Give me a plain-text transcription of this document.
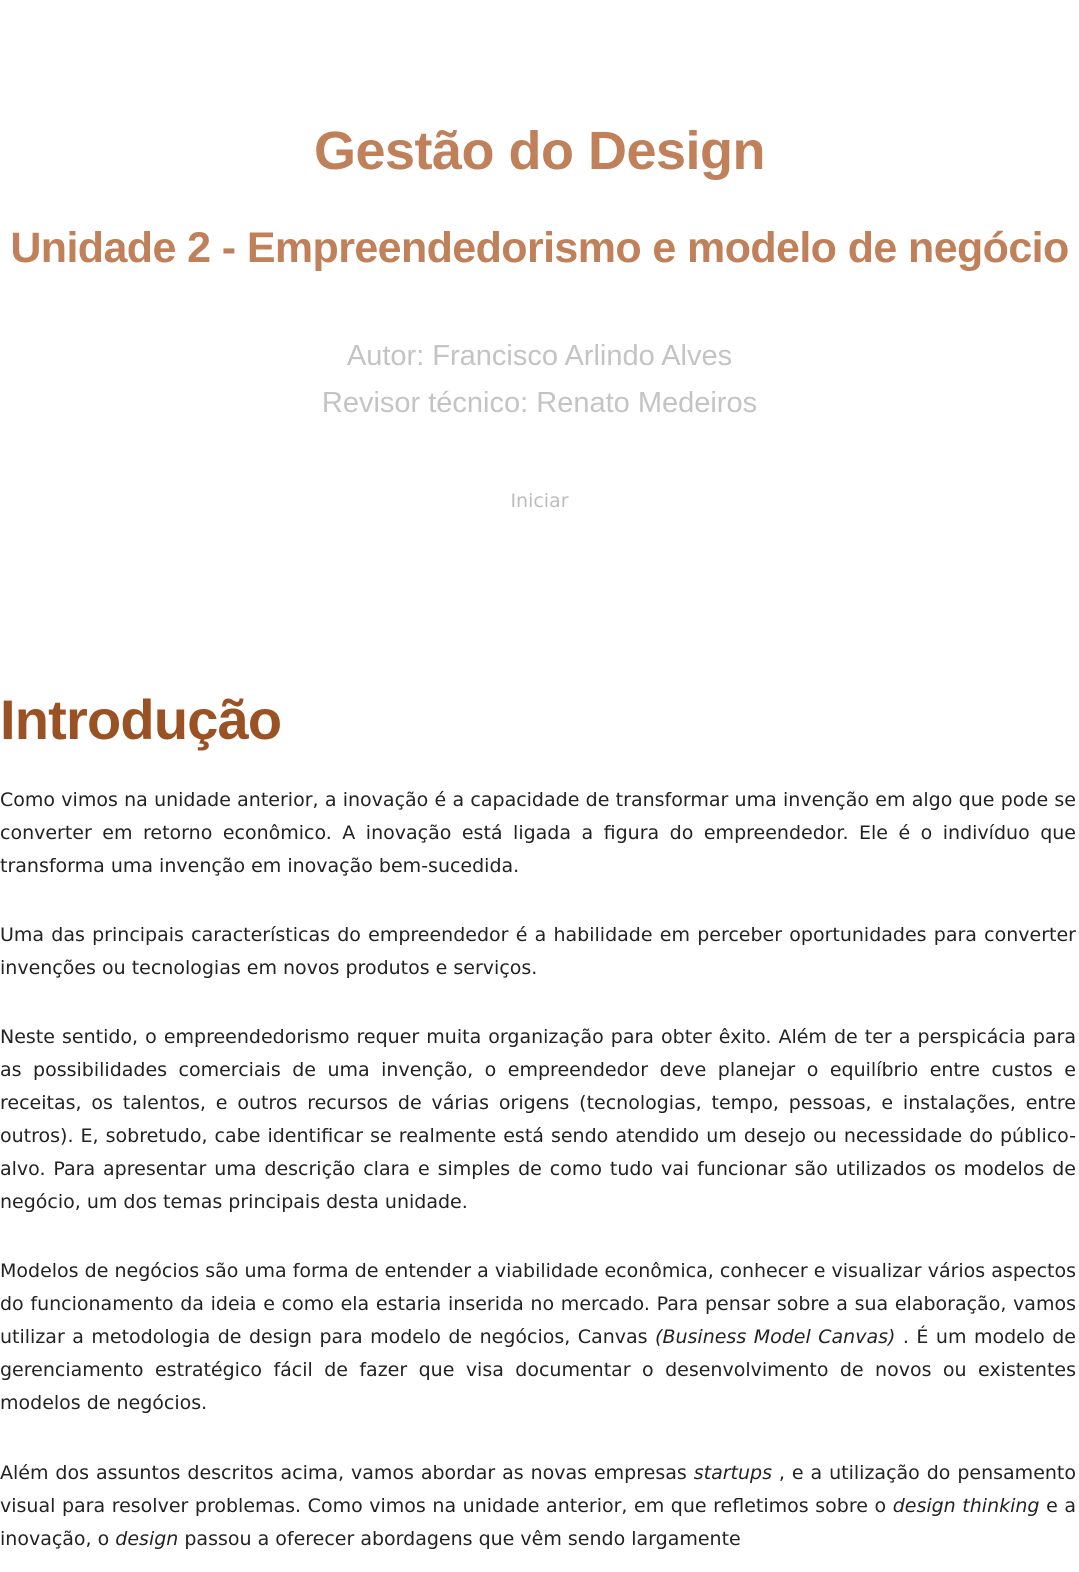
Gestão do Design
Unidade 2 - Empreendedorismo e modelo de negócio

Autor: Francisco Arlindo Alves

Revisor técnico: Renato Medeiros

Iniciar

Introdução

Como vimos na unidade anterior, a inovação é a capacidade de transformar uma invenção em algo que pode se converter em retorno econômico. A inovação está ligada a figura do empreendedor. Ele é o indivíduo que transforma uma invenção em inovação bem-sucedida.

Uma das principais características do empreendedor é a habilidade em perceber oportunidades para converter invenções ou tecnologias em novos produtos e serviços.

Neste sentido, o empreendedorismo requer muita organização para obter êxito. Além de ter a perspicácia para as possibilidades comerciais de uma invenção, o empreendedor deve planejar o equilíbrio entre custos e receitas, os talentos, e outros recursos de várias origens (tecnologias, tempo, pessoas, e instalações, entre outros). E, sobretudo, cabe identificar se realmente está sendo atendido um desejo ou necessidade do público-alvo. Para apresentar uma descrição clara e simples de como tudo vai funcionar são utilizados os modelos de negócio, um dos temas principais desta unidade.

Modelos de negócios são uma forma de entender a viabilidade econômica, conhecer e visualizar vários aspectos do funcionamento da ideia e como ela estaria inserida no mercado. Para pensar sobre a sua elaboração, vamos utilizar a metodologia de design para modelo de negócios, Canvas (Business Model Canvas) . É um modelo de gerenciamento estratégico fácil de fazer que visa documentar o desenvolvimento de novos ou existentes modelos de negócios.

Além dos assuntos descritos acima, vamos abordar as novas empresas startups , e a utilização do pensamento visual para resolver problemas. Como vimos na unidade anterior, em que refletimos sobre o design thinking e a inovação, o design passou a oferecer abordagens que vêm sendo largamente
